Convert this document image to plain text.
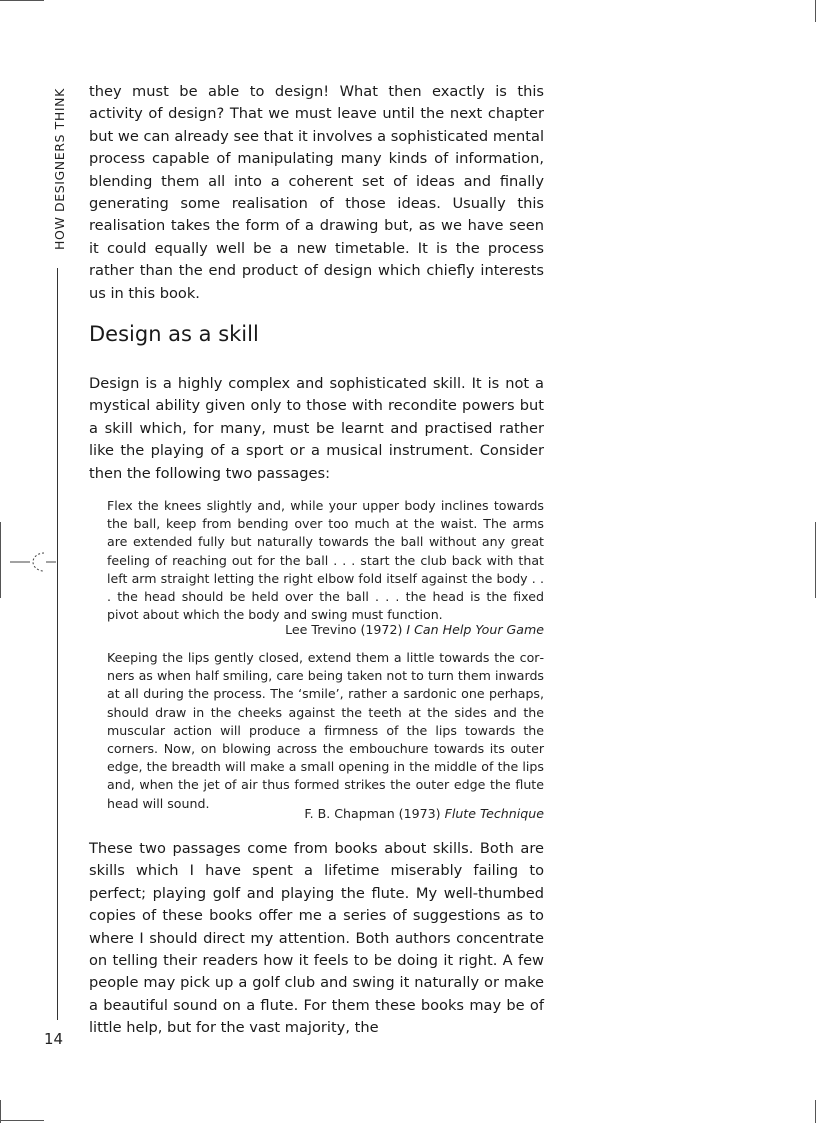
HOW DESIGNERS THINK
14

they must be able to design! What then exactly is this activity of design? That we must leave until the next chapter but we can already see that it involves a sophisticated mental process capable of manipulating many kinds of information, blending them all into a coherent set of ideas and finally generating some realisation of those ideas. Usually this realisation takes the form of a drawing but, as we have seen it could equally well be a new timetable. It is the process rather than the end product of design which chiefly interests us in this book.

Design as a skill

Design is a highly complex and sophisticated skill. It is not a mystical ability given only to those with recondite powers but a skill which, for many, must be learnt and practised rather like the playing of a sport or a musical instrument. Consider then the following two passages:

Flex the knees slightly and, while your upper body inclines towards the ball, keep from bending over too much at the waist. The arms are extended fully but naturally towards the ball without any great feeling of reaching out for the ball . . . start the club back with that left arm straight letting the right elbow fold itself against the body . . . the head should be held over the ball . . . the head is the fixed pivot about which the body and swing must function.

Lee Trevino (1972) I Can Help Your Game

Keeping the lips gently closed, extend them a little towards the corners as when half smiling, care being taken not to turn them inwards at all during the process. The ‘smile’, rather a sardonic one perhaps, should draw in the cheeks against the teeth at the sides and the muscular action will produce a firmness of the lips towards the corners. Now, on blowing across the embouchure towards its outer edge, the breadth will make a small opening in the middle of the lips and, when the jet of air thus formed strikes the outer edge the flute head will sound.

F. B. Chapman (1973) Flute Technique

These two passages come from books about skills. Both are skills which I have spent a lifetime miserably failing to perfect; playing golf and playing the flute. My well-thumbed copies of these books offer me a series of suggestions as to where I should direct my attention. Both authors concentrate on telling their readers how it feels to be doing it right. A few people may pick up a golf club and swing it naturally or make a beautiful sound on a flute. For them these books may be of little help, but for the vast majority, the
